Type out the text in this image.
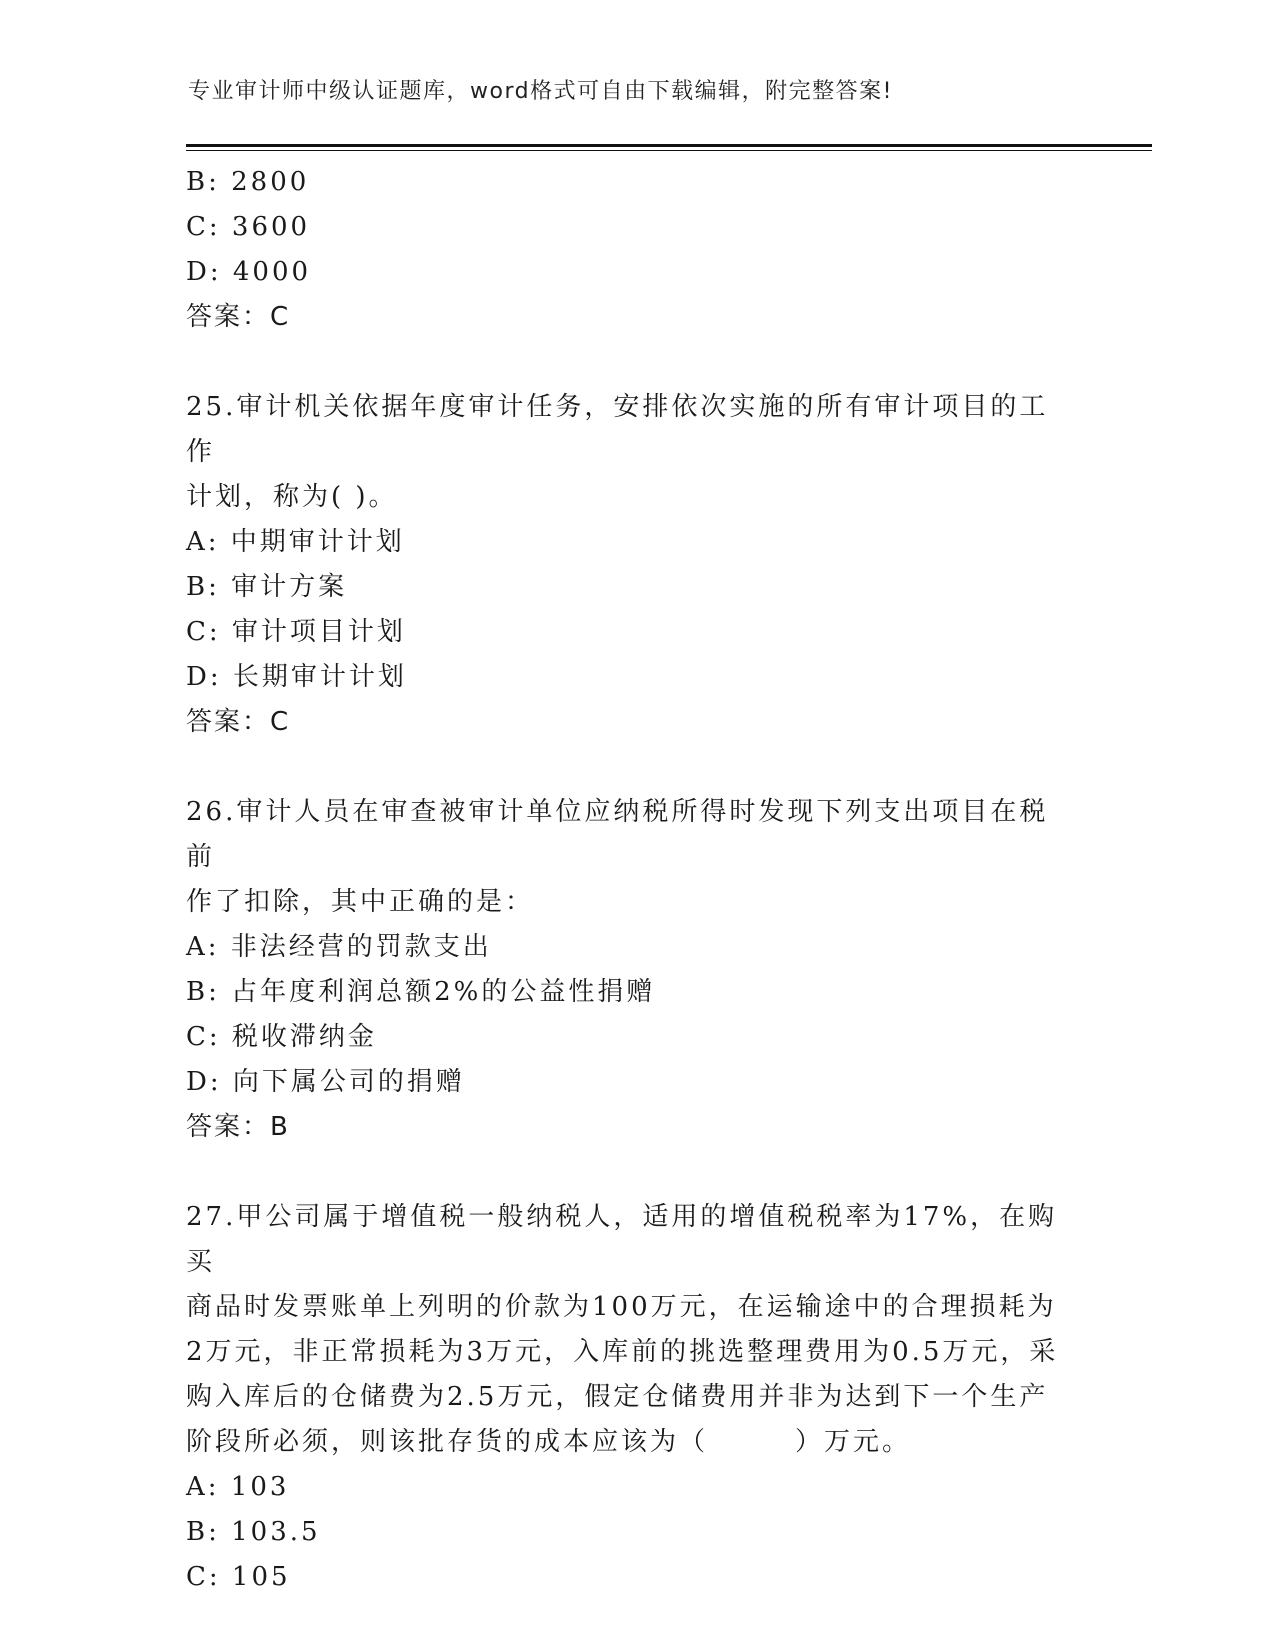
专业审计师中级认证题库，word格式可自由下载编辑，附完整答案!
B: 2800
C: 3600
D: 4000
答案：C
25.审计机关依据年度审计任务，安排依次实施的所有审计项目的工作
计划，称为( )。
A: 中期审计计划
B: 审计方案
C: 审计项目计划
D: 长期审计计划
答案：C
26.审计人员在审查被审计单位应纳税所得时发现下列支出项目在税前
作了扣除，其中正确的是：
A: 非法经营的罚款支出
B: 占年度利润总额2%的公益性捐赠
C: 税收滞纳金
D: 向下属公司的捐赠
答案：B
27.甲公司属于增值税一般纳税人，适用的增值税税率为17%，在购买
商品时发票账单上列明的价款为100万元，在运输途中的合理损耗为
2万元，非正常损耗为3万元，入库前的挑选整理费用为0.5万元，采
购入库后的仓储费为2.5万元，假定仓储费用并非为达到下一个生产
阶段所必须，则该批存货的成本应该为（　　　）万元。
A: 103
B: 103.5
C: 105
